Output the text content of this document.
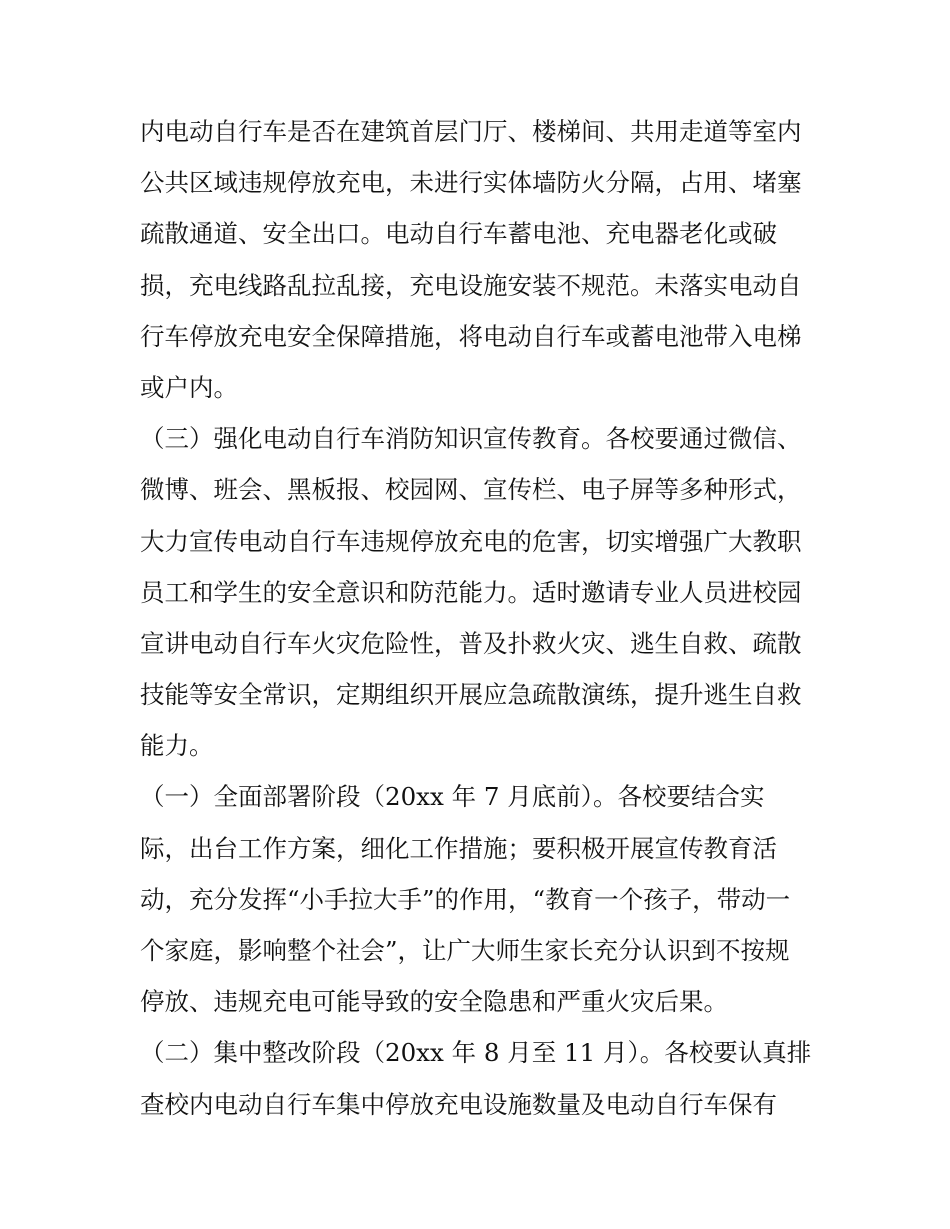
内电动自行车是否在建筑首层门厅、楼梯间、共用走道等室内
公共区域违规停放充电，未进行实体墙防火分隔，占用、堵塞
疏散通道、安全出口。电动自行车蓄电池、充电器老化或破
损，充电线路乱拉乱接，充电设施安装不规范。未落实电动自
行车停放充电安全保障措施，将电动自行车或蓄电池带入电梯
或户内。
（三）强化电动自行车消防知识宣传教育。各校要通过微信、
微博、班会、黑板报、校园网、宣传栏、电子屏等多种形式，
大力宣传电动自行车违规停放充电的危害，切实增强广大教职
员工和学生的安全意识和防范能力。适时邀请专业人员进校园
宣讲电动自行车火灾危险性，普及扑救火灾、逃生自救、疏散
技能等安全常识，定期组织开展应急疏散演练，提升逃生自救
能力。
（一）全面部署阶段（20xx 年 7 月底前）。各校要结合实
际，出台工作方案，细化工作措施；要积极开展宣传教育活
动，充分发挥“小手拉大手”的作用，“教育一个孩子，带动一
个家庭，影响整个社会”，让广大师生家长充分认识到不按规
停放、违规充电可能导致的安全隐患和严重火灾后果。
（二）集中整改阶段（20xx 年 8 月至 11 月）。各校要认真排
查校内电动自行车集中停放充电设施数量及电动自行车保有
